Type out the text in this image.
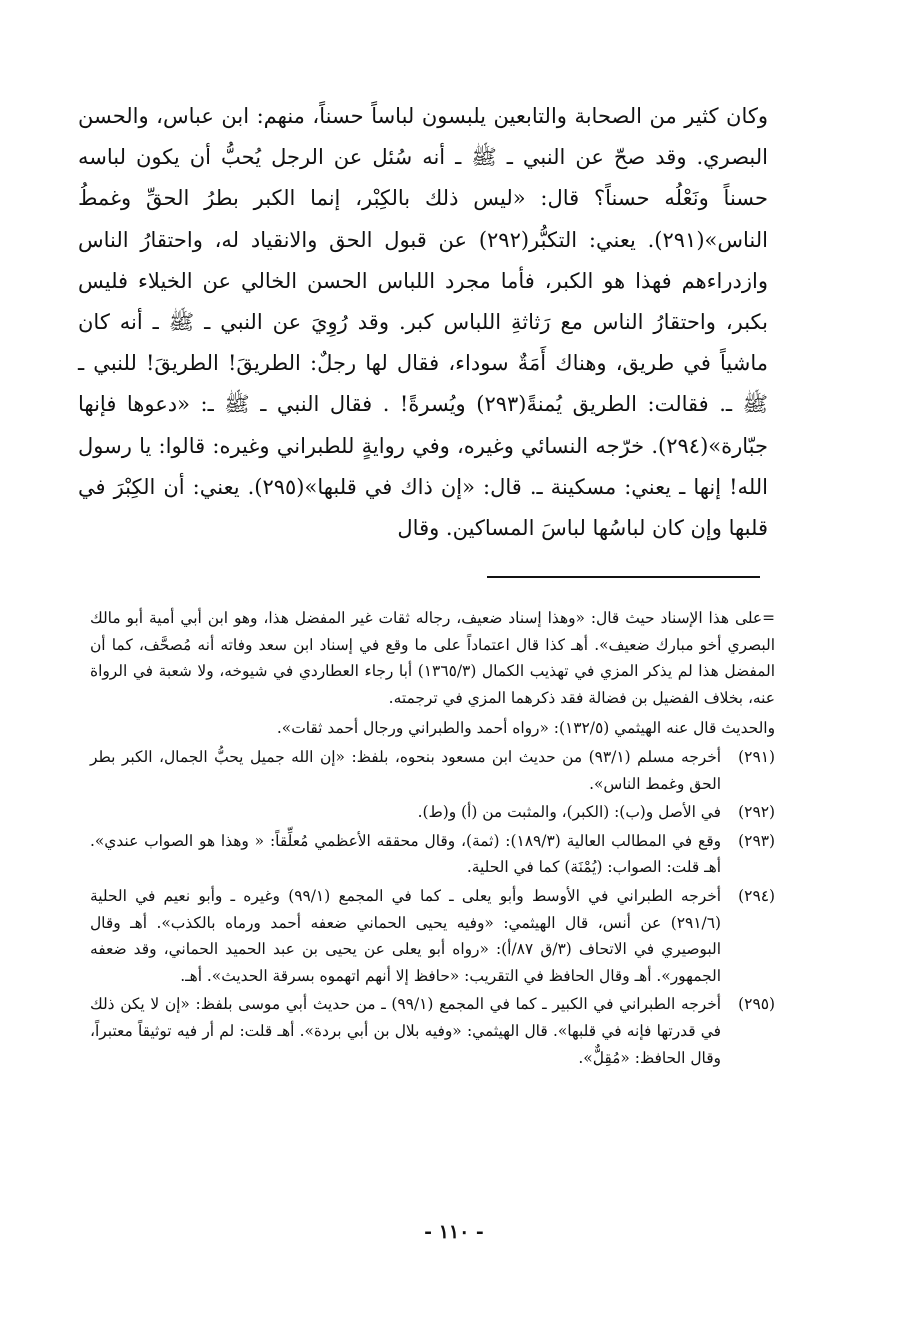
وكان كثير من الصحابة والتابعين يلبسون لباساً حسناً، منهم: ابن عباس، والحسن البصري. وقد صحّ عن النبي ـ ﷺ ـ أنه سُئل عن الرجل يُحبُّ أن يكون لباسه حسناً ونَعْلُه حسناً؟ قال: «ليس ذلك بالكِبْر، إنما الكبر بطرُ الحقِّ وغمطُ الناس»(٢٩١). يعني: التكبُّر(٢٩٢) عن قبول الحق والانقياد له، واحتقارُ الناس وازدراءهم فهذا هو الكبر، فأما مجرد اللباس الحسن الخالي عن الخيلاء فليس بكبر، واحتقارُ الناس مع رَثاثةِ اللباس كبر. وقد رُوِيَ عن النبي ـ ﷺ ـ أنه كان ماشياً في طريق، وهناك أَمَةٌ سوداء، فقال لها رجلٌ: الطريقَ! الطريقَ! للنبي ـ ﷺ ـ. فقالت: الطريق يُمنةً(٢٩٣) ويُسرةً! . فقال النبي ـ ﷺ ـ: «دعوها فإنها جبّارة»(٢٩٤). خرّجه النسائي وغيره، وفي روايةٍ للطبراني وغيره: قالوا: يا رسول الله! إنها ـ يعني: مسكينة ـ. قال: «إن ذاك في قلبها»(٢٩٥). يعني: أن الكِبْرَ في قلبها وإن كان لباسُها لباسَ المساكين. وقال

=على هذا الإسناد حيث قال: «وهذا إسناد ضعيف، رجاله ثقات غير المفضل هذا، وهو ابن أبي أمية أبو مالك البصري أخو مبارك ضعيف». أهـ كذا قال اعتماداً على ما وقع في إسناد ابن سعد وفاته أنه مُصحَّف، كما أن المفضل هذا لم يذكر المزي في تهذيب الكمال (١٣٦٥/٣) أبا رجاء العطاردي في شيوخه، ولا شعبة في الرواة عنه، بخلاف الفضيل بن فضالة فقد ذكرهما المزي في ترجمته.

والحديث قال عنه الهيثمي (١٣٢/٥): «رواه أحمد والطبراني ورجال أحمد ثقات».

(٢٩١)
أخرجه مسلم (٩٣/١) من حديث ابن مسعود بنحوه، بلفظ: «إن الله جميل يحبُّ الجمال، الكبر بطر الحق وغمط الناس».
(٢٩٢)
في الأصل و(ب): (الكبر)، والمثبت من (أ) و(ط).
(٢٩٣)
وقع في المطالب العالية (١٨٩/٣): (ثمة)، وقال محققه الأعظمي مُعلِّقاً: « وهذا هو الصواب عندي». أهـ قلت: الصواب: (يُمْنَة) كما في الحلية.
(٢٩٤)
أخرجه الطبراني في الأوسط وأبو يعلى ـ كما في المجمع (٩٩/١) وغيره ـ وأبو نعيم في الحلية (٢٩١/٦) عن أنس، قال الهيثمي: «وفيه يحيى الحماني ضعفه أحمد ورماه بالكذب». أهـ وقال البوصيري في الاتحاف (٣/ق ٨٧/أ): «رواه أبو يعلى عن يحيى بن عبد الحميد الحماني، وقد ضعفه الجمهور». أهـ وقال الحافظ في التقريب: «حافظ إلا أنهم اتهموه بسرقة الحديث». أهـ.
(٢٩٥)
أخرجه الطبراني في الكبير ـ كما في المجمع (٩٩/١) ـ من حديث أبي موسى بلفظ: «إن لا يكن ذلك في قدرتها فإنه في قلبها». قال الهيثمي: «وفيه بلال بن أبي بردة». أهـ قلت: لم أر فيه توثيقاً معتبراً، وقال الحافظ: «مُقِلٌّ».
- ١١٠ -
